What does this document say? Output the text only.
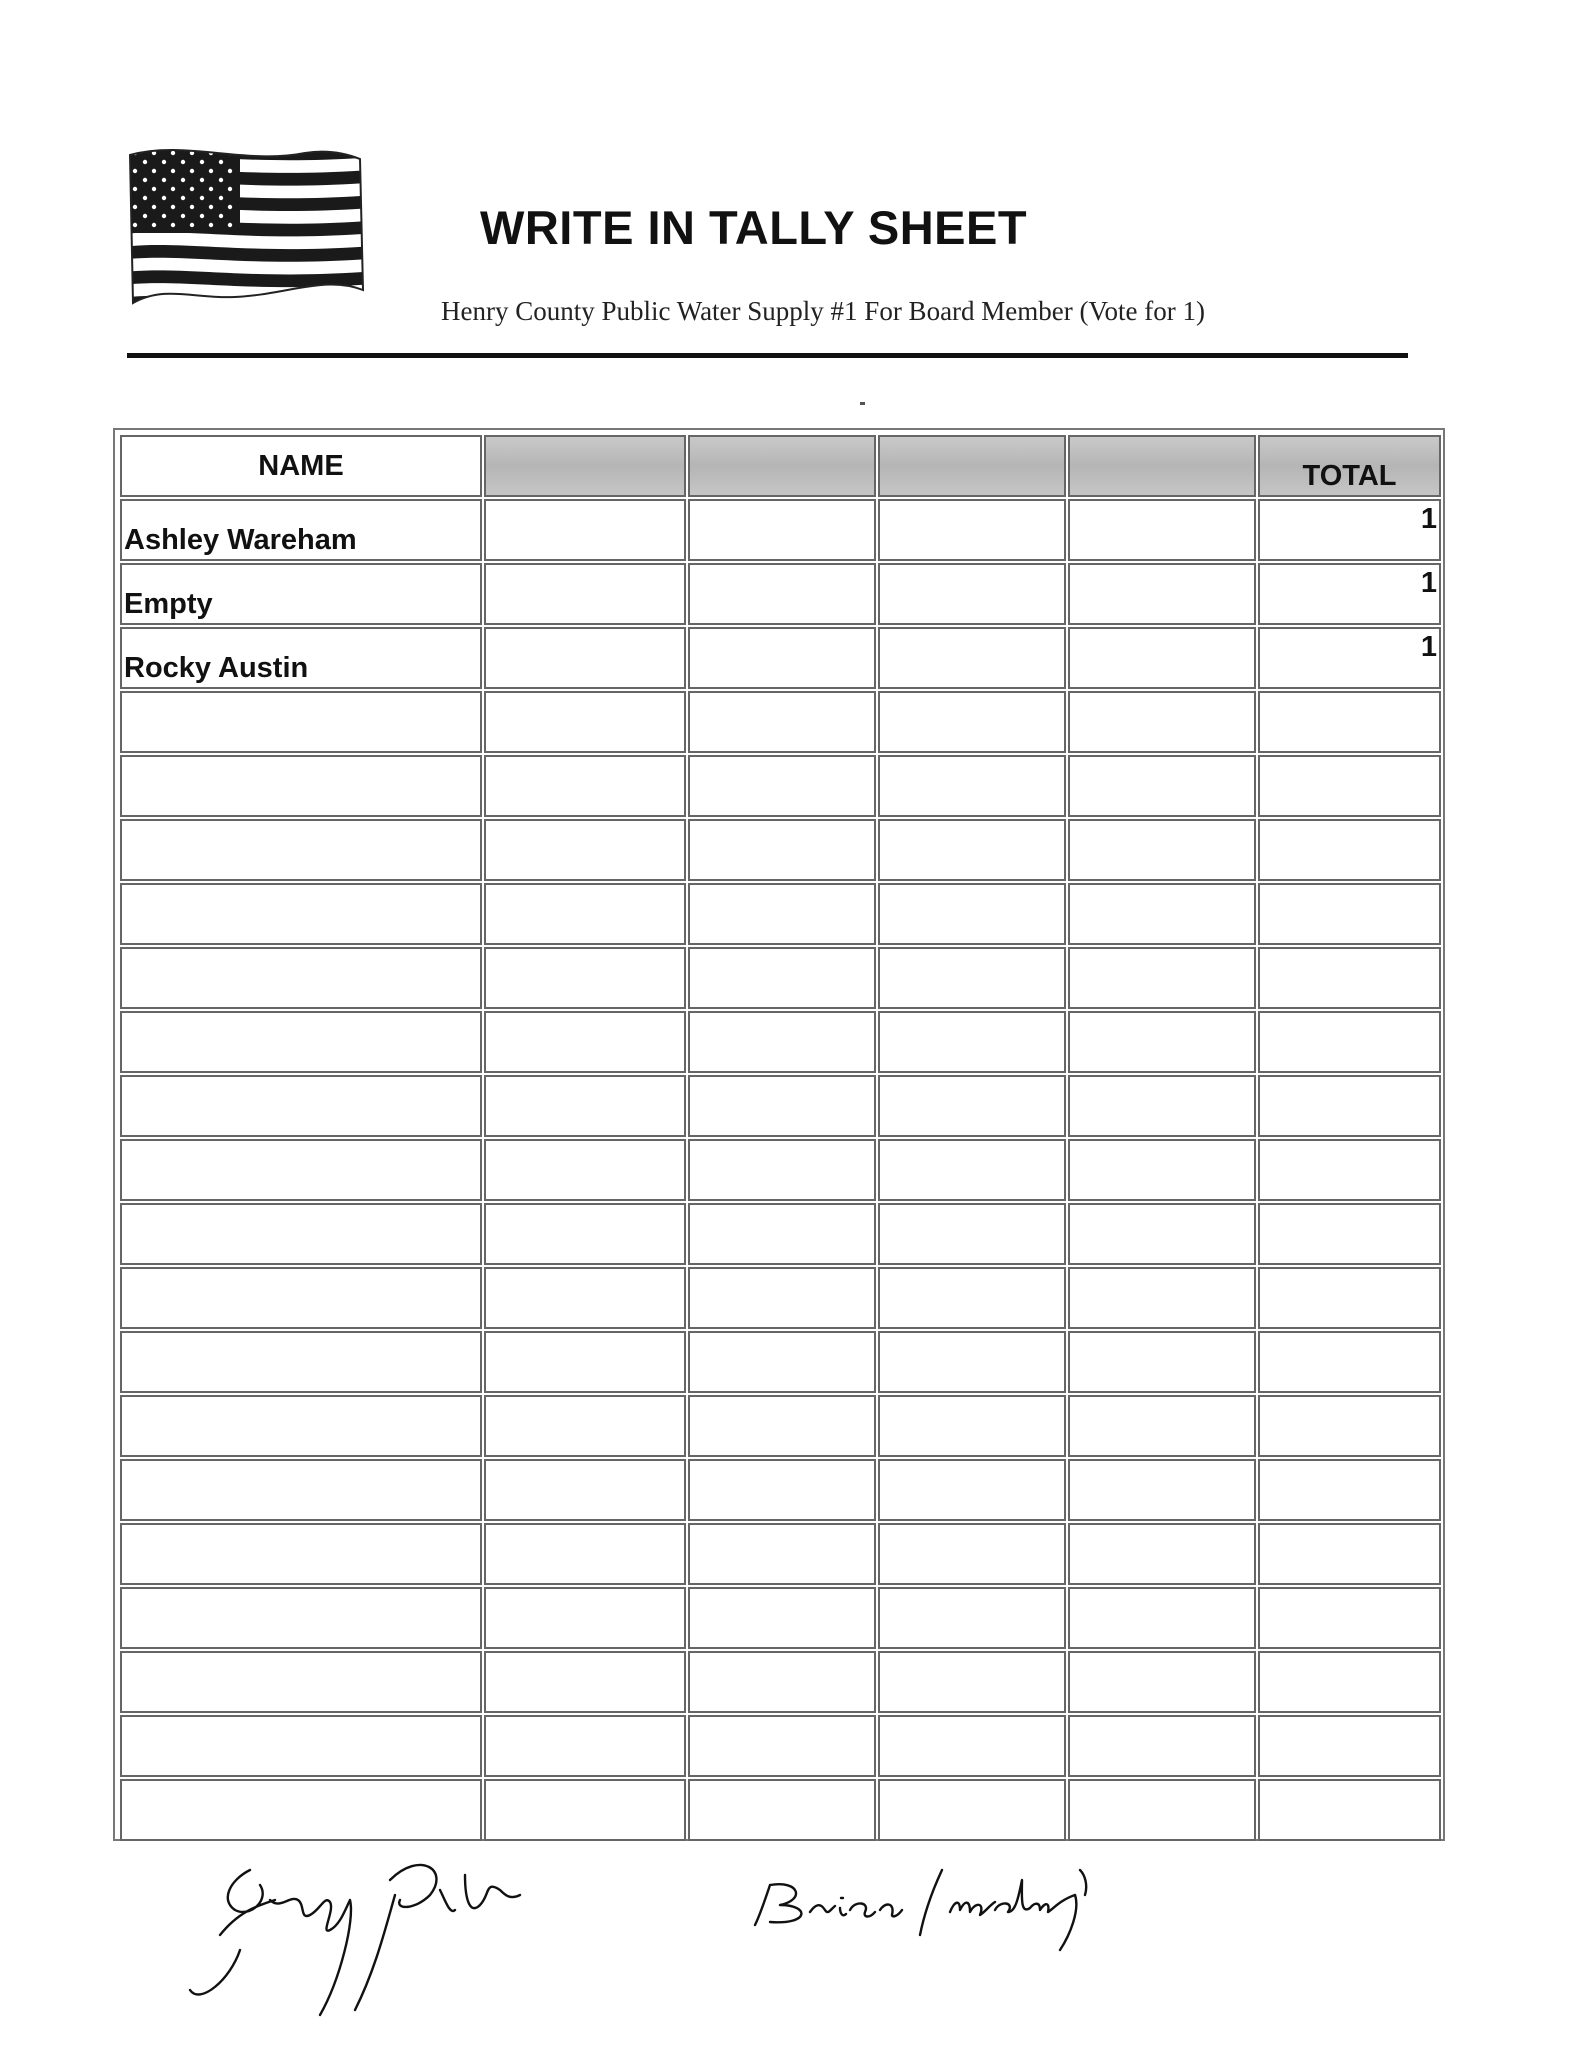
WRITE IN TALLY SHEET
Henry County Public Water Supply #1 For Board Member (Vote for 1)
NAME	TOTAL
Ashley Wareham
1
Empty
1
Rocky Austin
1
